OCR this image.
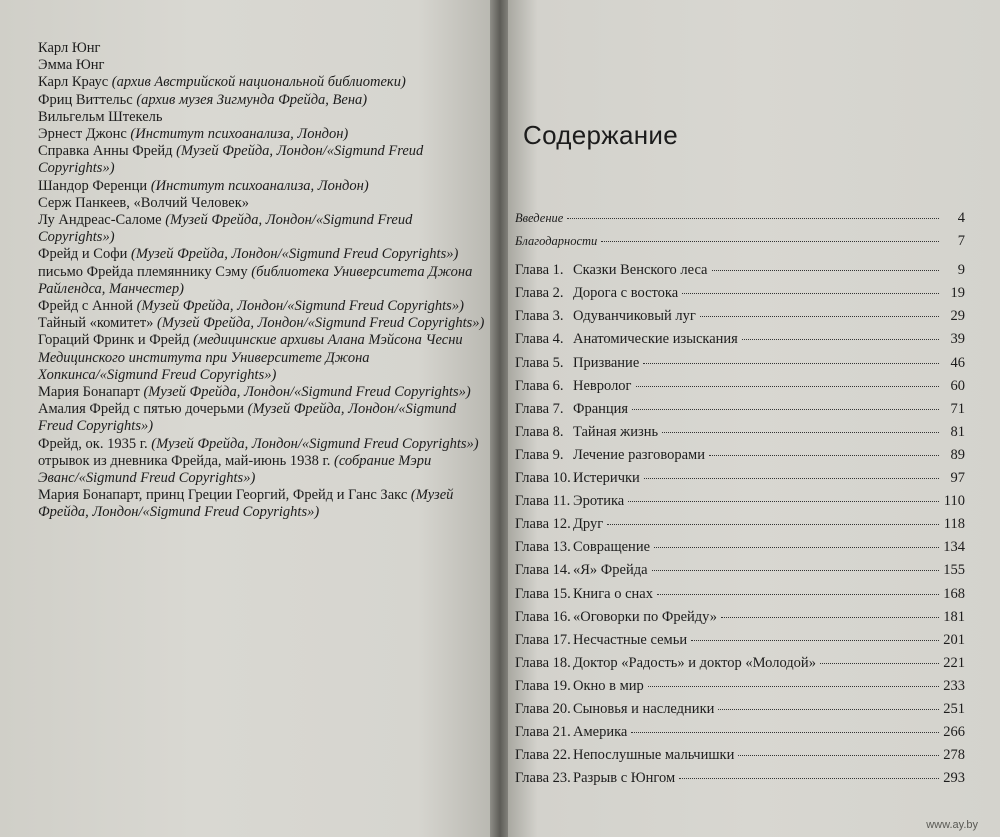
Карл Юнг

Эмма Юнг

Карл Краус (архив Австрийской национальной библиотеки)

Фриц Виттельс (архив музея Зигмунда Фрейда, Вена)

Вильгельм Штекель

Эрнест Джонс (Институт психоанализа, Лондон)

Справка Анны Фрейд (Музей Фрейда, Лондон/«Sigmund Freud Copyrights»)

Шандор Ференци (Институт психоанализа, Лондон)

Серж Панкеев, «Волчий Человек»

Лу Андреас-Саломе (Музей Фрейда, Лондон/«Sigmund Freud Copyrights»)

Фрейд и Софи (Музей Фрейда, Лондон/«Sigmund Freud Copyrights»)

письмо Фрейда племяннику Сэму (библиотека Университета Джона Райлендса, Манчестер)

Фрейд с Анной (Музей Фрейда, Лондон/«Sigmund Freud Copyrights»)

Тайный «комитет» (Музей Фрейда, Лондон/«Sigmund Freud Copyrights»)

Гораций Фринк и Фрейд (медицинские архивы Алана Мэйсона Чесни Медицинского института при Университете Джона Хопкинса/«Sigmund Freud Copyrights»)

Мария Бонапарт (Музей Фрейда, Лондон/«Sigmund Freud Copyrights»)

Амалия Фрейд с пятью дочерьми (Музей Фрейда, Лондон/«Sigmund Freud Copyrights»)

Фрейд, ок. 1935 г. (Музей Фрейда, Лондон/«Sigmund Freud Copyrights»)

отрывок из дневника Фрейда, май-июнь 1938 г. (собрание Мэри Эванс/«Sigmund Freud Copyrights»)

Мария Бонапарт, принц Греции Георгий, Фрейд и Ганс Закс (Музей Фрейда, Лондон/«Sigmund Freud Copyrights»)

Содержание
Введение	4
Благодарности	7
Глава 1. Сказки Венского леса	9
Глава 2. Дорога с востока	19
Глава 3. Одуванчиковый луг	29
Глава 4. Анатомические изыскания	39
Глава 5. Призвание	46
Глава 6. Невролог	60
Глава 7. Франция	71
Глава 8. Тайная жизнь	81
Глава 9. Лечение разговорами	89
Глава 10. Истерички	97
Глава 11. Эротика	110
Глава 12. Друг	118
Глава 13. Совращение	134
Глава 14. «Я» Фрейда	155
Глава 15. Книга о снах	168
Глава 16. «Оговорки по Фрейду»	181
Глава 17. Несчастные семьи	201
Глава 18. Доктор «Радость» и доктор «Молодой»	221
Глава 19. Окно в мир	233
Глава 20. Сыновья и наследники	251
Глава 21. Америка	266
Глава 22. Непослушные мальчишки	278
Глава 23. Разрыв с Юнгом	293
www.ay.by
